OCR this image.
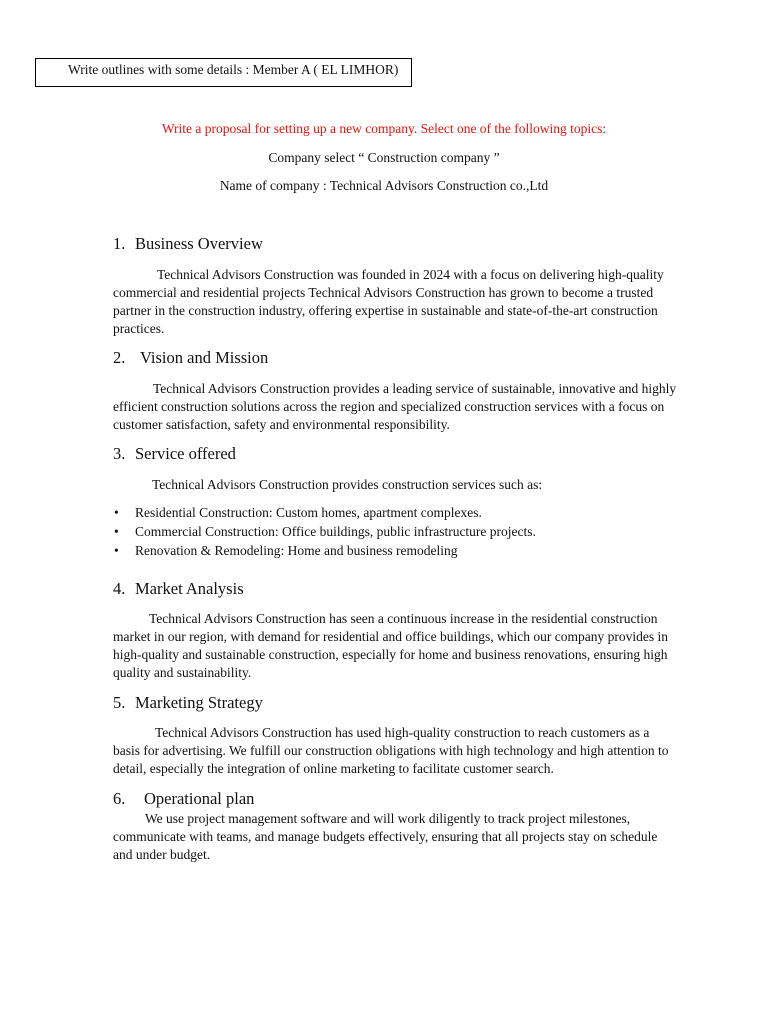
Write outlines with some details : Member A ( EL LIMHOR)
Write a proposal for setting up a new company. Select one of the following topics:
Company select “ Construction company ”
Name of company : Technical Advisors Construction co.,Ltd
1. Business Overview

Technical Advisors Construction was founded in 2024 with a focus on delivering high-quality commercial and residential projects Technical Advisors Construction has grown to become a trusted partner in the construction industry, offering expertise in sustainable and state-of-the-art construction practices.

2. Vision and Mission

Technical Advisors Construction provides a leading service of sustainable, innovative and highly efficient construction solutions across the region and specialized construction services with a focus on customer satisfaction, safety and environmental responsibility.

3. Service offered

Technical Advisors Construction provides construction services such as:

• Residential Construction: Custom homes, apartment complexes.
• Commercial Construction: Office buildings, public infrastructure projects.
• Renovation & Remodeling: Home and business remodeling
4. Market Analysis

Technical Advisors Construction has seen a continuous increase in the residential construction market in our region, with demand for residential and office buildings, which our company provides in high-quality and sustainable construction, especially for home and business renovations, ensuring high quality and sustainability.

5. Marketing Strategy

Technical Advisors Construction has used high-quality construction to reach customers as a basis for advertising. We fulfill our construction obligations with high technology and high attention to detail, especially the integration of online marketing to facilitate customer search.

6. Operational plan

We use project management software and will work diligently to track project milestones, communicate with teams, and manage budgets effectively, ensuring that all projects stay on schedule and under budget.
